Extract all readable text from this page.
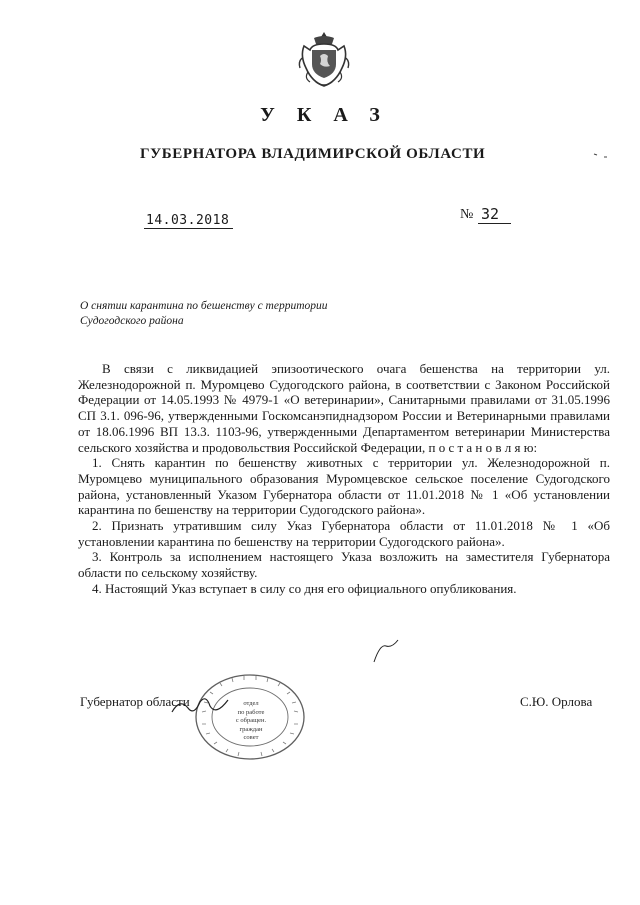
УКАЗ
ГУБЕРНАТОРА ВЛАДИМИРСКОЙ ОБЛАСТИ
14.03.2018	№ 32
О снятии карантина по бешенству с территории
Судогодского района

В связи с ликвидацией эпизоотического очага бешенства на территории ул. Железнодорожной п. Муромцево Судогодского района, в соответствии с Законом Российской Федерации от 14.05.1993 № 4979-1 «О ветеринарии», Санитарными правилами от 31.05.1996 СП 3.1. 096-96, утвержденными Госкомсанэпиднадзором России и Ветеринарными правилами от 18.06.1996 ВП 13.3. 1103-96, утвержденными Департаментом ветеринарии Министерства сельского хозяйства и продовольствия Российской Федерации, п о с т а н о в л я ю:

1. Снять карантин по бешенству животных с территории ул. Железнодорожной п. Муромцево муниципального образования Муромцевское сельское поселение Судогодского района, установленный Указом Губернатора области от 11.01.2018 № 1 «Об установлении карантина по бешенству на территории Судогодского района».

2. Признать утратившим силу Указ Губернатора области от 11.01.2018 № 1 «Об установлении карантина по бешенству на территории Судогодского района».

3. Контроль за исполнением настоящего Указа возложить на заместителя Губернатора области по сельскому хозяйству.

4. Настоящий Указ вступает в силу со дня его официального опубликования.

отдел
по работе
с обращен.
граждан
совет
Губернатор области	С.Ю. Орлова
